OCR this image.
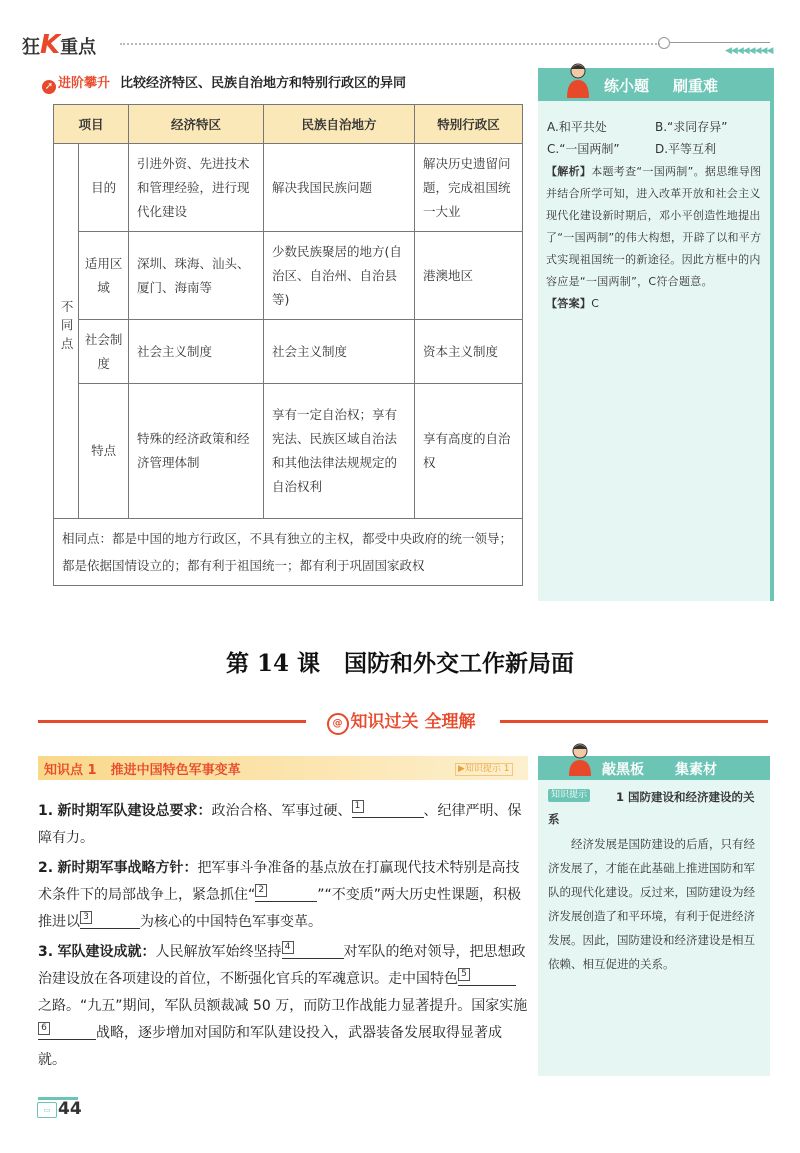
狂K重点	◀◀◀◀◀◀◀◀
➚ 进阶攀升 比较经济特区、民族自治地方和特别行政区的异同
项目		经济特区	民族自治地方	特别行政区
不同点	目的	引进外资、先进技术和管理经验，进行现代化建设	解决我国民族问题	解决历史遗留问题，完成祖国统一大业
	适用区域	深圳、珠海、汕头、厦门、海南等	少数民族聚居的地方(自治区、自治州、自治县等)	港澳地区
	社会制度	社会主义制度	社会主义制度	资本主义制度
	特点	特殊的经济政策和经济管理体制	享有一定自治权；享有宪法、民族区域自治法和其他法律法规规定的自治权利	享有高度的自治权
相同点：都是中国的地方行政区，不具有独立的主权，都受中央政府的统一领导；都是依据国情设立的；都有利于祖国统一；都有利于巩固国家政权				
练小题 刷重难
A.和平共处	B.“求同存异”
C.“一国两制”	D.平等互利
【解析】本题考查“一国两制”。据思维导图并结合所学可知，进入改革开放和社会主义现代化建设新时期后，邓小平创造性地提出了“一国两制”的伟大构想，开辟了以和平方式实现祖国统一的新途径。因此方框中的内容应是“一国两制”，C符合题意。
【答案】C
第 14 课 国防和外交工作新局面
@ 知识过关 全理解
知识点 1 推进中国特色军事变革	▶知识提示 1
1. 新时期军队建设总要求：政治合格、军事过硬、 1	、纪律严明、保障有力。
2. 新时期军事战略方针：把军事斗争准备的基点放在打赢现代技术特别是高技术条件下的局部战争上，紧急抓住“ 2	”“不变质”两大历史性课题，积极推进以 3	为核心的中国特色军事变革。
3. 军队建设成就：人民解放军始终坚持 4	对军队的绝对领导，把思想政治建设放在各项建设的首位，不断强化官兵的军魂意识。走中国特色 5
之路。“九五”期间，军队员额裁减 50 万，而防卫作战能力显著提升。国家实施
6	战略，逐步增加对国防和军队建设投入，武器装备发展取得显著成就。
敲黑板 集素材
1 国防建设和经济建设的关系
知识提示
经济发展是国防建设的后盾，只有经济发展了，才能在此基础上推进国防和军队的现代化建设。反过来，国防建设为经济发展创造了和平环境，有利于促进经济发展。因此，国防建设和经济建设是相互依赖、相互促进的关系。
▭ 44
